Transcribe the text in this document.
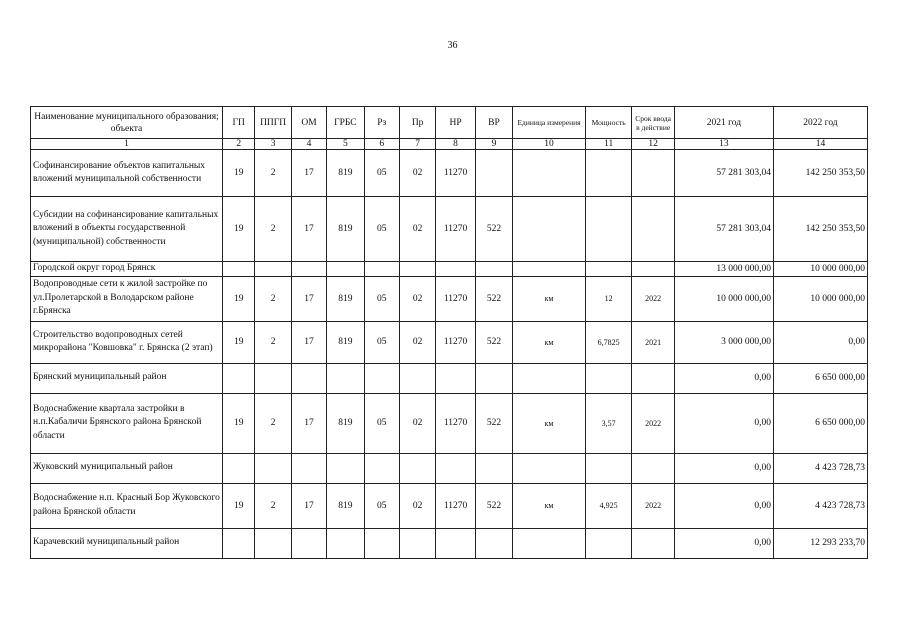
36
Наименование муниципального образования; объекта	ГП	ППГП	ОМ	ГРБС	Рз	Пр	НР	ВР	Единица измерения	Мощность	Срок ввода в действие	2021 год	2022 год
1	2	3	4	5	6	7	8	9	10	11	12	13	14
Софинансирование объектов капитальных вложений муниципальной собственности	19	2	17	819	05	02	11270					57 281 303,04	142 250 353,50
Субсидии на софинансирование капитальных вложений в объекты государственной (муниципальной) собственности	19	2	17	819	05	02	11270	522				57 281 303,04	142 250 353,50
Городской округ город Брянск												13 000 000,00	10 000 000,00
Водопроводные сети к жилой застройке по ул.Пролетарской в Володарском районе г.Брянска	19	2	17	819	05	02	11270	522	км	12	2022	10 000 000,00	10 000 000,00
Строительство водопроводных сетей микрорайона "Ковшовка" г. Брянска (2 этап)	19	2	17	819	05	02	11270	522	км	6,7825	2021	3 000 000,00	0,00
Брянский муниципальный район												0,00	6 650 000,00
Водоснабжение квартала застройки в н.п.Кабаличи Брянского района Брянской области	19	2	17	819	05	02	11270	522	км	3,57	2022	0,00	6 650 000,00
Жуковский муниципальный район												0,00	4 423 728,73
Водоснабжение н.п. Красный Бор Жуковского района Брянской области	19	2	17	819	05	02	11270	522	км	4,925	2022	0,00	4 423 728,73
Карачевский муниципальный район												0,00	12 293 233,70
